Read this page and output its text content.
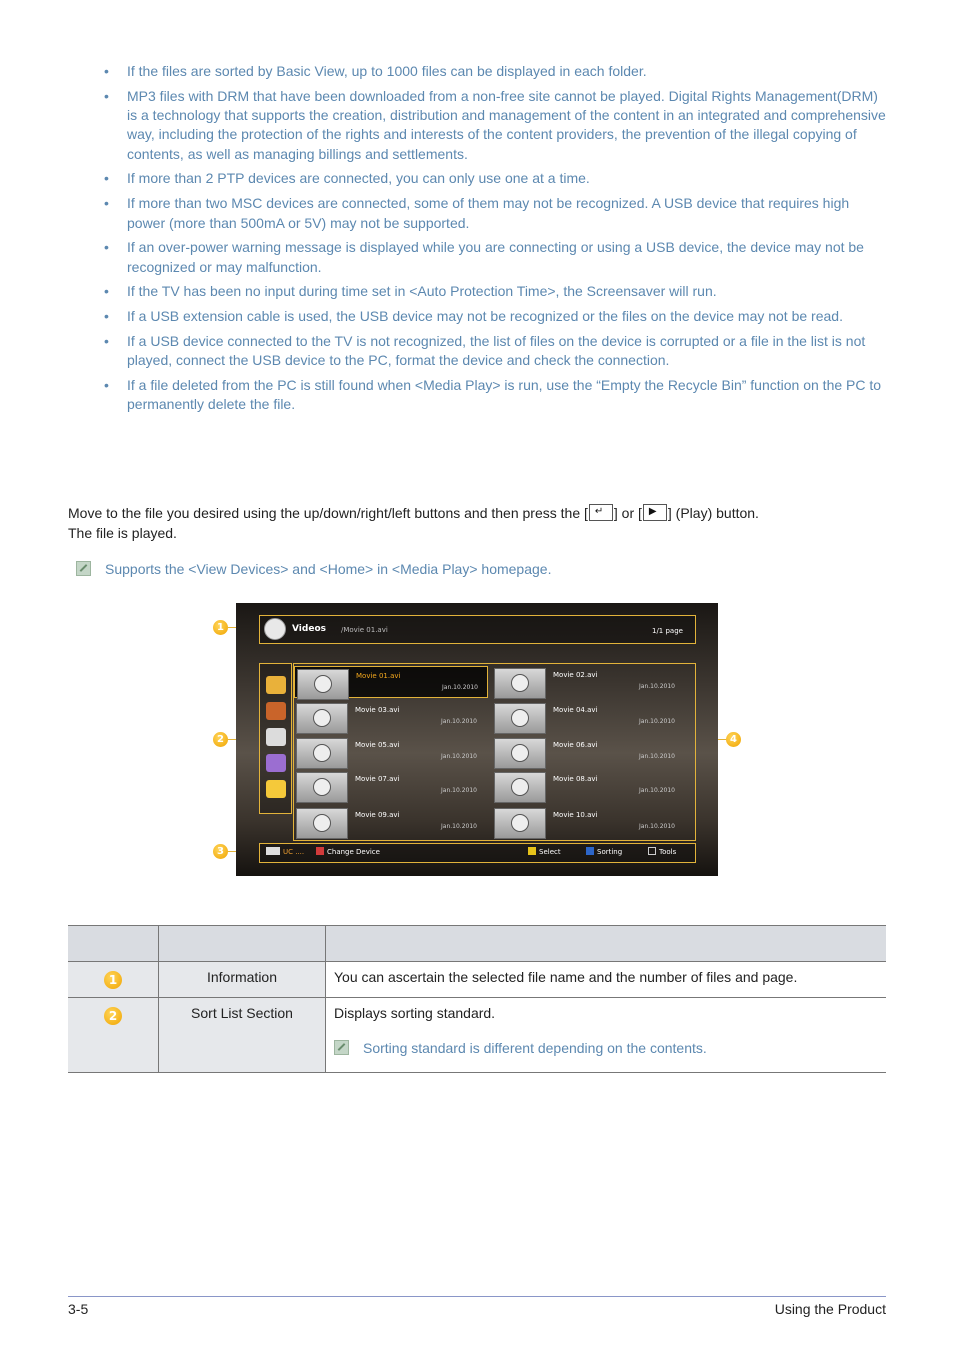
• If the files are sorted by Basic View, up to 1000 files can be displayed in each folder.
• MP3 files with DRM that have been downloaded from a non-free site cannot be played. Digital Rights Management(DRM) is a technology that supports the creation, distribution and management of the content in an integrated and comprehensive way, including the protection of the rights and interests of the content providers, the prevention of the illegal copying of contents, as well as managing billings and settlements.
• If more than 2 PTP devices are connected, you can only use one at a time.
• If more than two MSC devices are connected, some of them may not be recognized. A USB device that requires high power (more than 500mA or 5V) may not be supported.
• If an over-power warning message is displayed while you are connecting or using a USB device, the device may not be recognized or may malfunction.
• If the TV has been no input during time set in <Auto Protection Time>, the Screensaver will run.
• If a USB extension cable is used, the USB device may not be recognized or the files on the device may not be read.
• If a USB device connected to the TV is not recognized, the list of files on the device is corrupted or a file in the list is not played, connect the USB device to the PC, format the device and check the connection.
• If a file deleted from the PC is still found when <Media Play> is run, use the “Empty the Recycle Bin” function on the PC to permanently delete the file.
Move to the file you desired using the up/down/right/left buttons and then press the [ ↵ ] or [ ▶ ] (Play) button.
The file is played.
Supports the <View Devices> and <Home> in <Media Play> homepage.
1
2
3
4
Videos /Movie 01.avi	1/1 page
Movie 01.avi
Jan.10.2010
Movie 02.avi
Jan.10.2010
Movie 03.avi
Jan.10.2010
Movie 04.avi
Jan.10.2010
Movie 05.avi
Jan.10.2010
Movie 06.avi
Jan.10.2010
Movie 07.avi
Jan.10.2010
Movie 08.avi
Jan.10.2010
Movie 09.avi
Jan.10.2010
Movie 10.avi
Jan.10.2010
UC ....	Change Device	Select	Sorting	Tools

1	Information	You can ascertain the selected file name and the number of files and page.
2	Sort List Section	Displays sorting standard.
Sorting standard is different depending on the contents.
3-5	Using the Product
